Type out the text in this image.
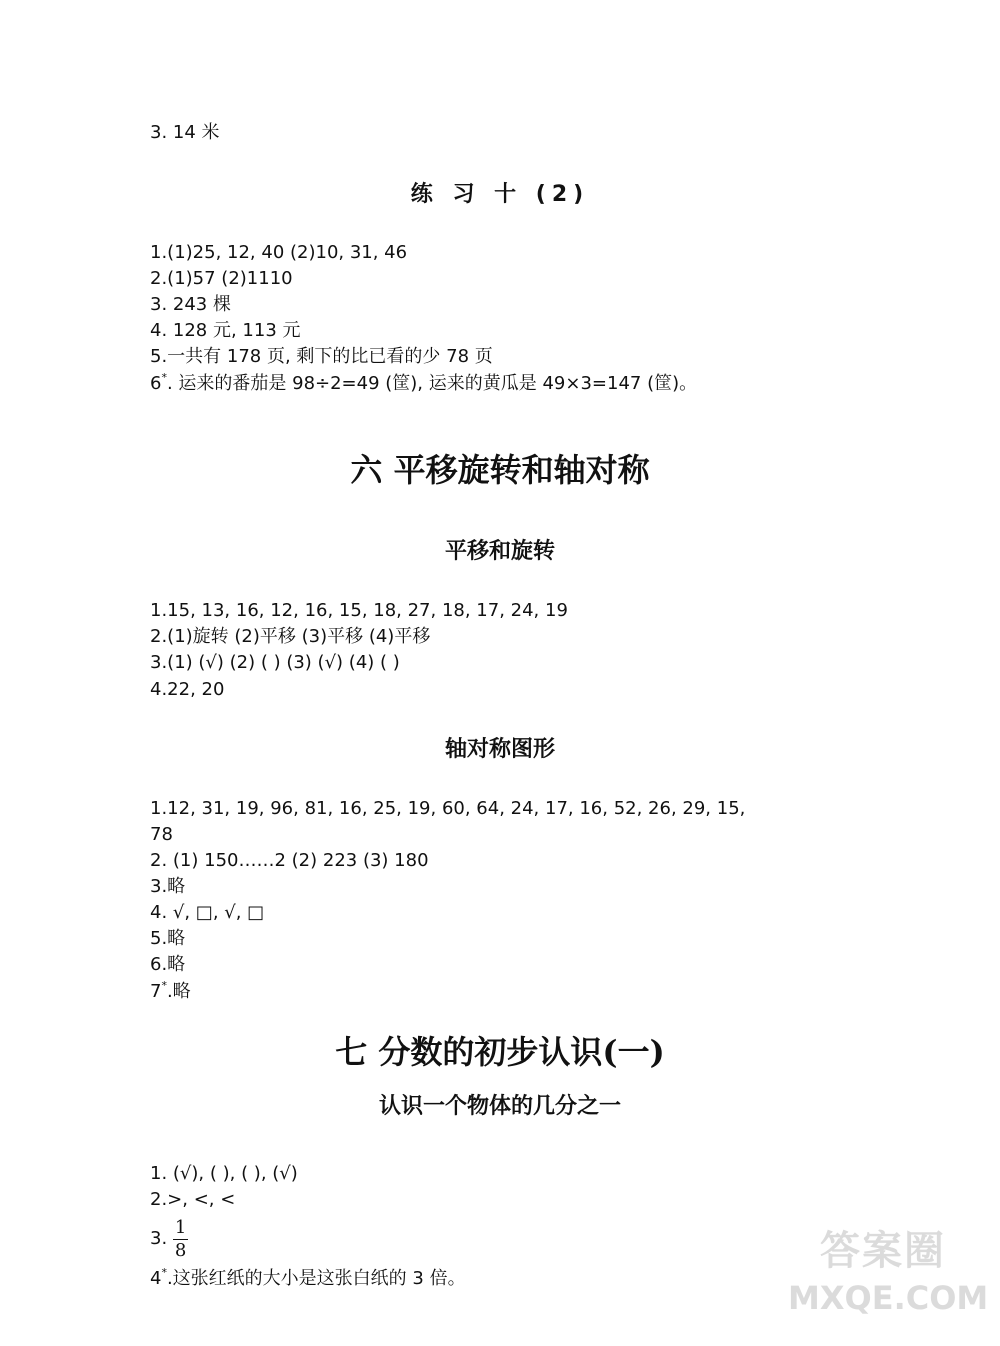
3. 14 米
练 习 十 (2)
1.(1)25, 12, 40 (2)10, 31, 46
2.(1)57 (2)1110
3. 243 棵
4. 128 元, 113 元
5.一共有 178 页, 剩下的比已看的少 78 页
6*. 运来的番茄是 98÷2=49 (筐), 运来的黄瓜是 49×3=147 (筐)。
六 平移旋转和轴对称
平移和旋转
1.15, 13, 16, 12, 16, 15, 18, 27, 18, 17, 24, 19
2.(1)旋转 (2)平移 (3)平移 (4)平移
3.(1) (√) (2) ( ) (3) (√) (4) ( )
4.22, 20
轴对称图形
1.12, 31, 19, 96, 81, 16, 25, 19, 60, 64, 24, 17, 16, 52, 26, 29, 15,
78
2. (1) 150……2 (2) 223 (3) 180
3.略
4. √, □, √, □
5.略
6.略
7*.略
七 分数的初步认识(一)
认识一个物体的几分之一
1. (√), ( ), ( ), (√)
2.>, <, <
3. $\frac{1}{8}$
4*.这张红纸的大小是这张白纸的 3 倍。
答案圈
MXQE.COM
